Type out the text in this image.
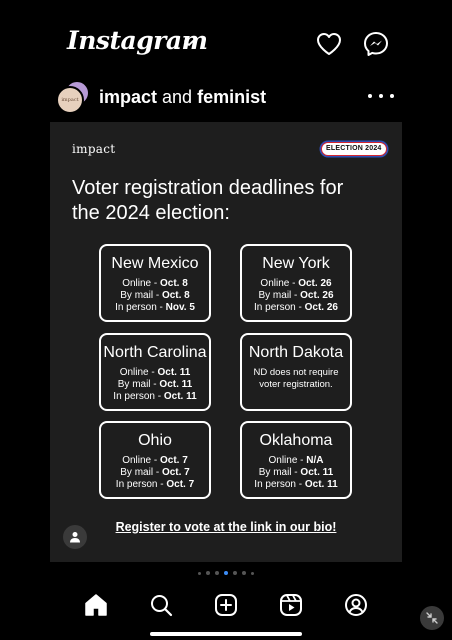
Instagram
impact impact and feminist
impact	ELECTION 2024
Voter registration deadlines for the 2024 election:
New Mexico
Online - Oct. 8
By mail - Oct. 8
In person - Nov. 5
New York
Online - Oct. 26
By mail - Oct. 26
In person - Oct. 26
North Carolina
Online - Oct. 11
By mail - Oct. 11
In person - Oct. 11
North Dakota
ND does not require voter registration.
Ohio
Online - Oct. 7
By mail - Oct. 7
In person - Oct. 7
Oklahoma
Online - N/A
By mail - Oct. 11
In person - Oct. 11
Register to vote at the link in our bio!
